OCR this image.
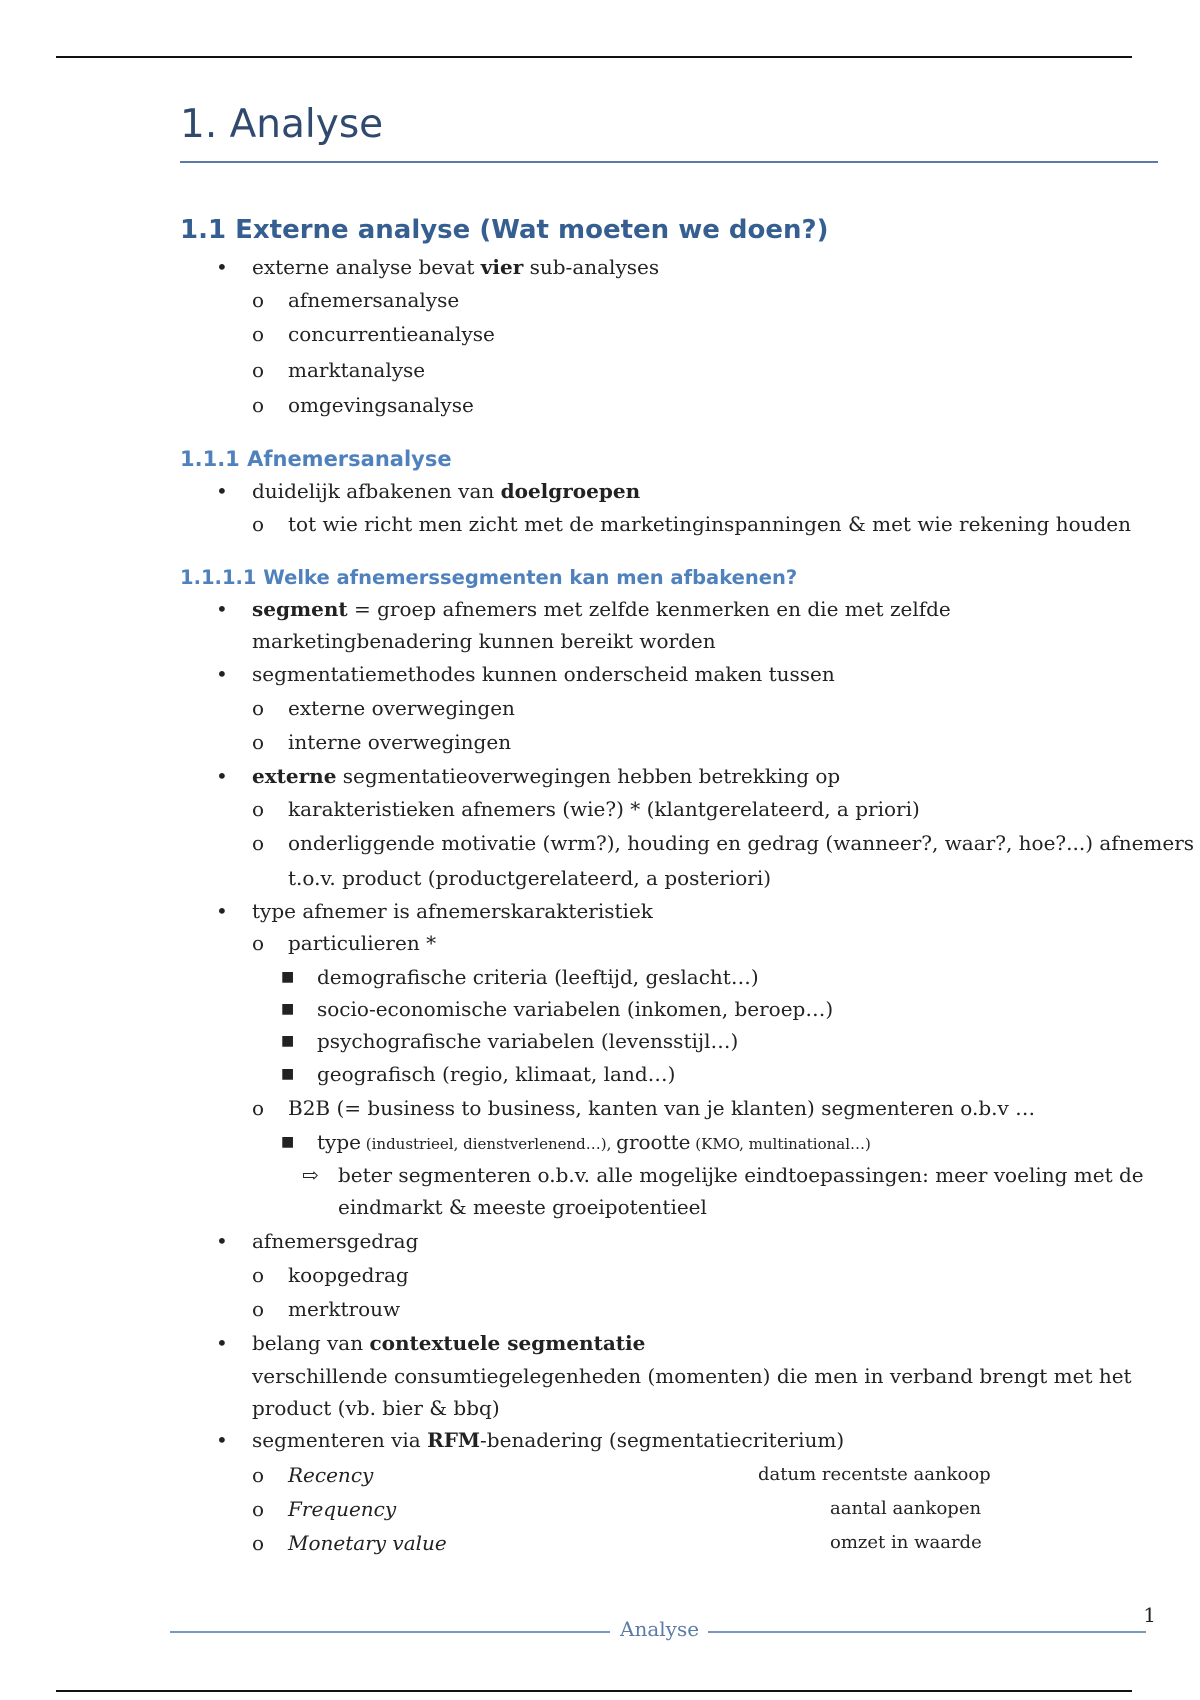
1. Analyse
1.1 Externe analyse (Wat moeten we doen?)
• externe analyse bevat vier sub-analyses
o afnemersanalyse
o concurrentieanalyse
o marktanalyse
o omgevingsanalyse
1.1.1 Afnemersanalyse
• duidelijk afbakenen van doelgroepen
o tot wie richt men zicht met de marketinginspanningen & met wie rekening houden
1.1.1.1 Welke afnemerssegmenten kan men afbakenen?
• segment = groep afnemers met zelfde kenmerken en die met zelfde
marketingbenadering kunnen bereikt worden
• segmentatiemethodes kunnen onderscheid maken tussen
o externe overwegingen
o interne overwegingen
• externe segmentatieoverwegingen hebben betrekking op
o karakteristieken afnemers (wie?) * (klantgerelateerd, a priori)
o onderliggende motivatie (wrm?), houding en gedrag (wanneer?, waar?, hoe?...) afnemers
t.o.v. product (productgerelateerd, a posteriori)
• type afnemer is afnemerskarakteristiek
o particulieren *
■ demografische criteria (leeftijd, geslacht…)
■ socio-economische variabelen (inkomen, beroep…)
■ psychografische variabelen (levensstijl…)
■ geografisch (regio, klimaat, land…)
o B2B (= business to business, kanten van je klanten) segmenteren o.b.v …
■ type (industrieel, dienstverlenend…), grootte (KMO, multinational…)
⇨ beter segmenteren o.b.v. alle mogelijke eindtoepassingen: meer voeling met de
eindmarkt & meeste groeipotentieel
• afnemersgedrag
o koopgedrag
o merktrouw
• belang van contextuele segmentatie
verschillende consumtiegelegenheden (momenten) die men in verband brengt met het
product (vb. bier & bbq)
• segmenteren via RFM-benadering (segmentatiecriterium)
o Recency	datum recentste aankoop
o Frequency	aantal aankopen
o Monetary value	omzet in waarde
1
Analyse
